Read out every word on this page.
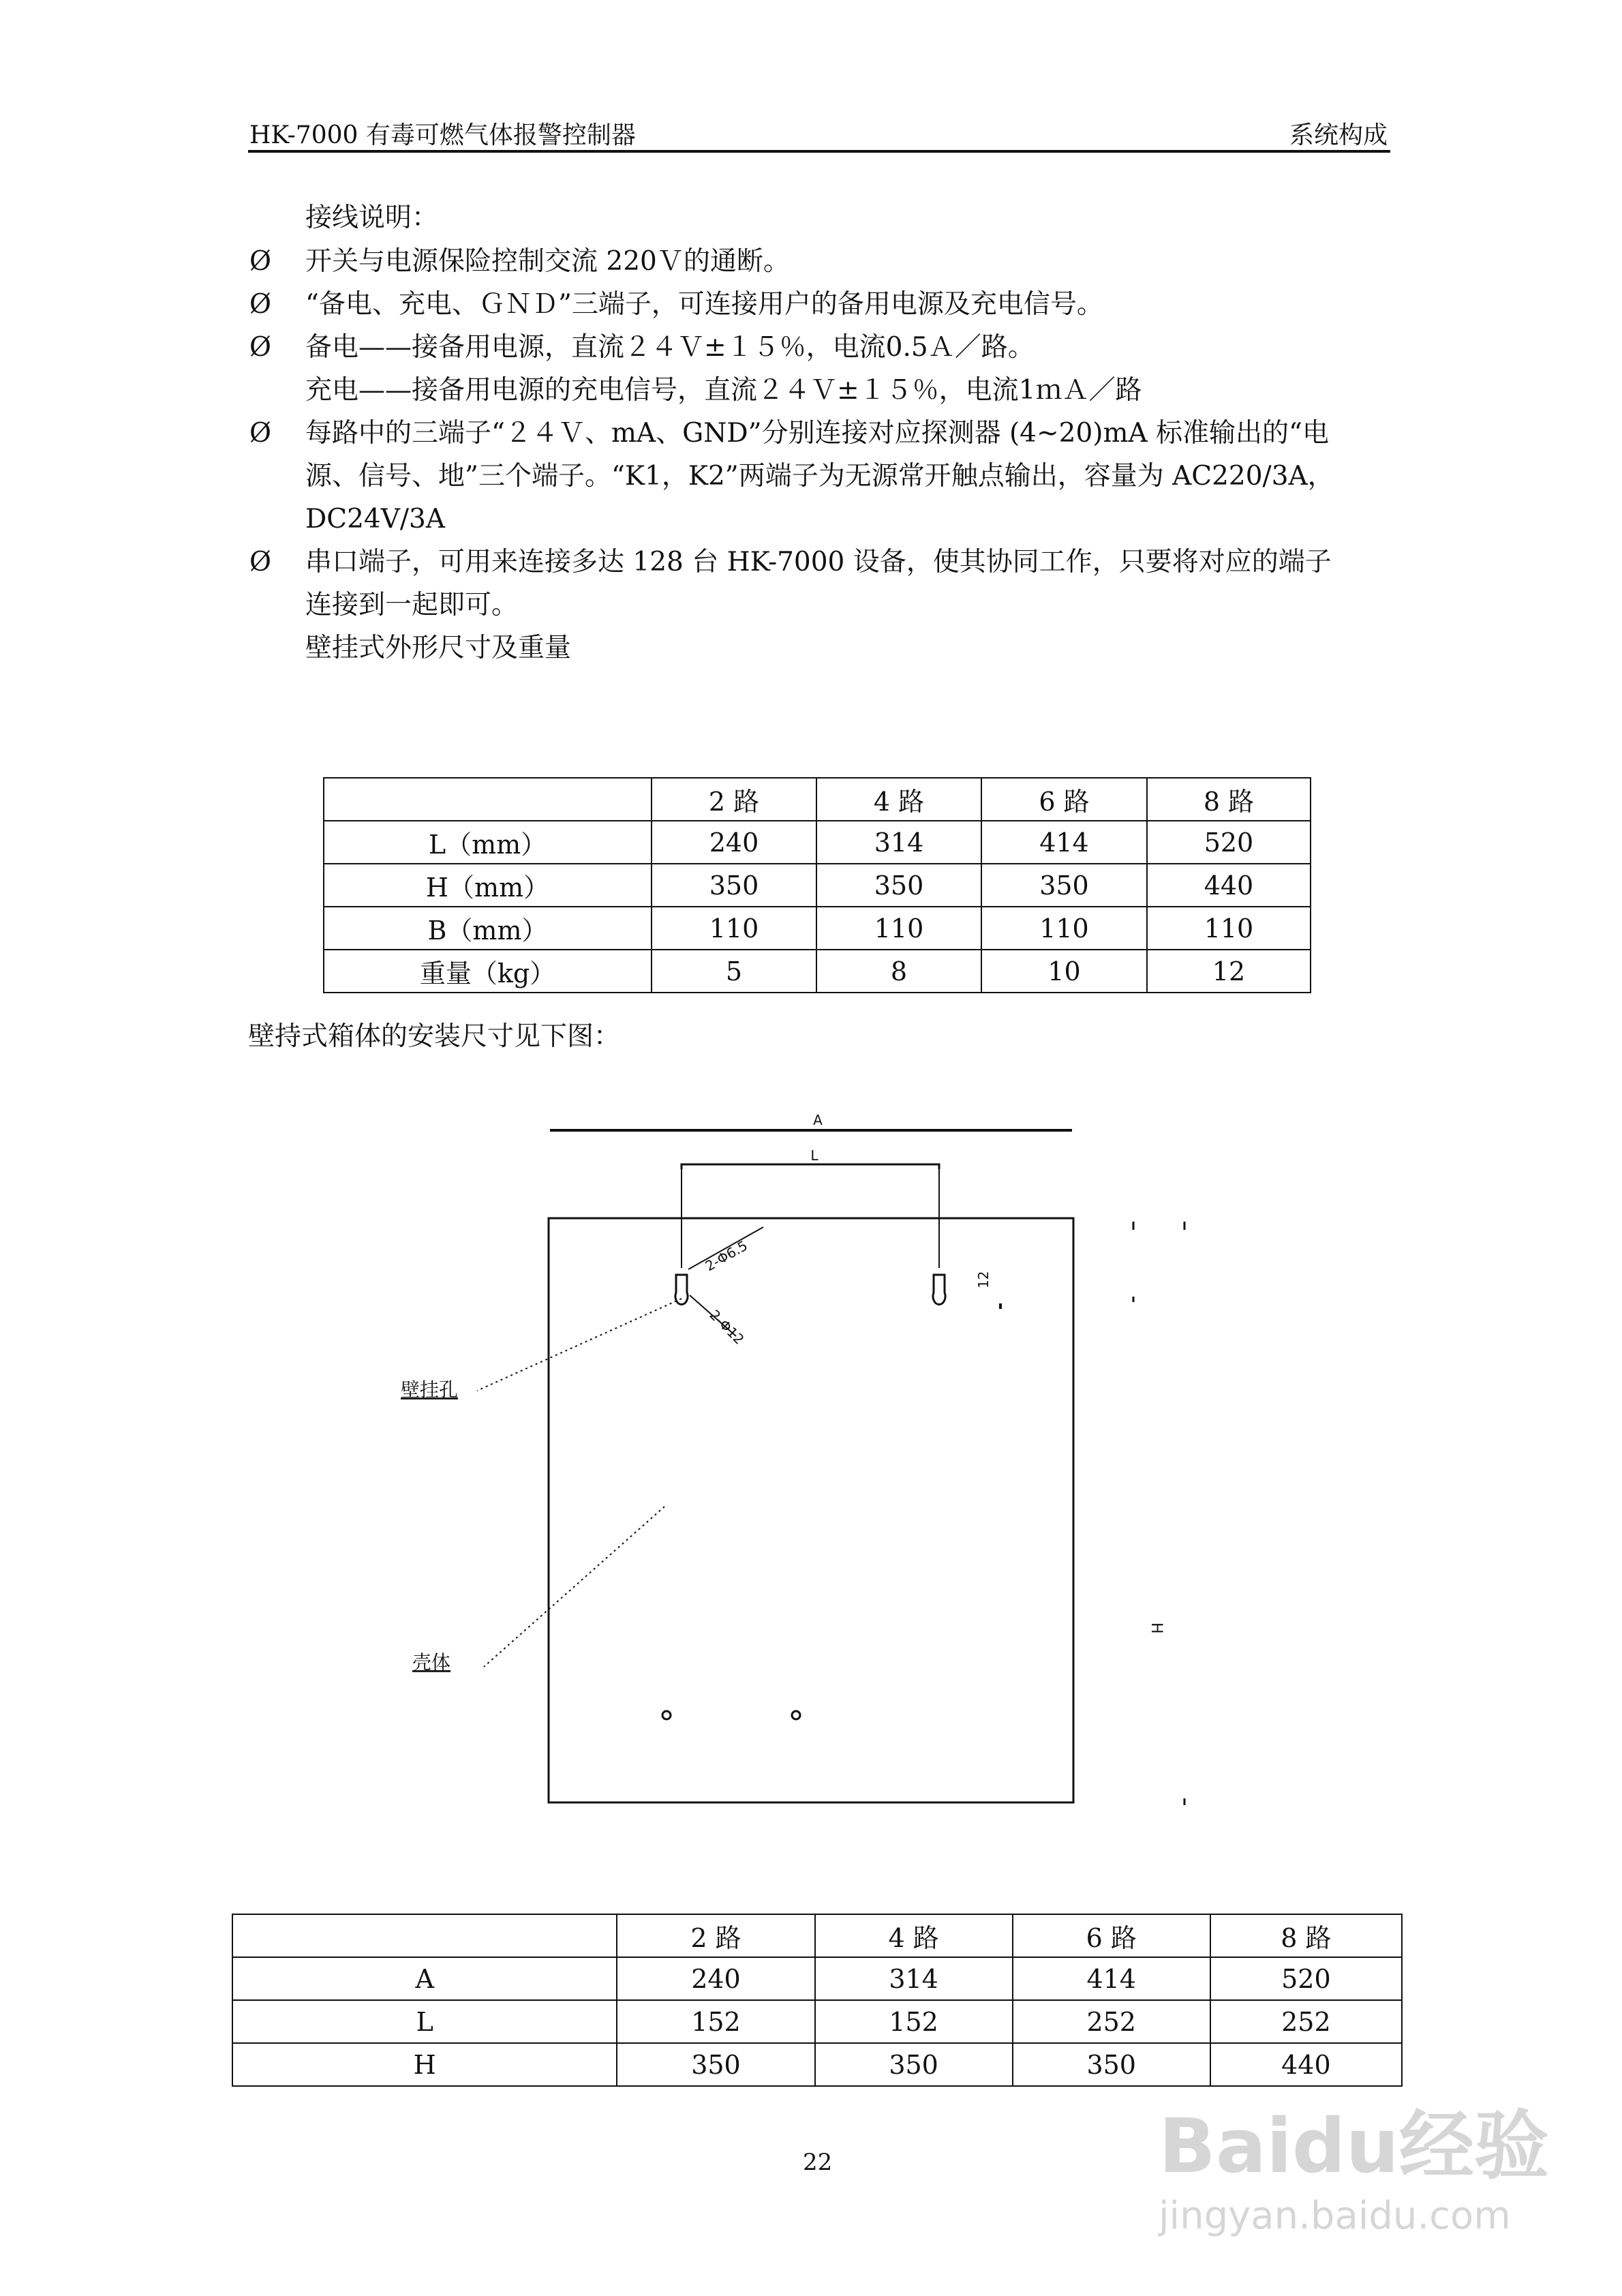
HK-7000 有毒可燃气体报警控制器	系统构成
接线说明：
Ø 开关与电源保险控制交流 220Ｖ的通断。
Ø “备电、充电、ＧＮＤ”三端子，可连接用户的备用电源及充电信号。
Ø 备电——接备用电源，直流２４Ｖ±１５％，电流0.5Ａ／路。
充电——接备用电源的充电信号，直流２４Ｖ±１５％，电流1ｍＡ／路
Ø 每路中的三端子“２４Ｖ、mA、GND”分别连接对应探测器 (4~20)mA 标准输出的“电
源、信号、地”三个端子。“K1，K2”两端子为无源常开触点输出，容量为 AC220/3A，
DC24V/3A
Ø 串口端子，可用来连接多达 128 台 HK-7000 设备，使其协同工作，只要将对应的端子
连接到一起即可。
壁挂式外形尺寸及重量
	2 路	4 路	6 路	8 路
L（mm）	240	314	414	520
H（mm）	350	350	350	440
B（mm）	110	110	110	110
重量（kg）	5	8	10	12
壁持式箱体的安装尺寸见下图：
A
L
H
2-Φ6.5
2-Φ12
12
壁挂孔
壳体
	2 路	4 路	6 路	8 路
A	240	314	414	520
L	152	152	252	252
H	350	350	350	440
22	Baidu经验
jingyan.baidu.com
